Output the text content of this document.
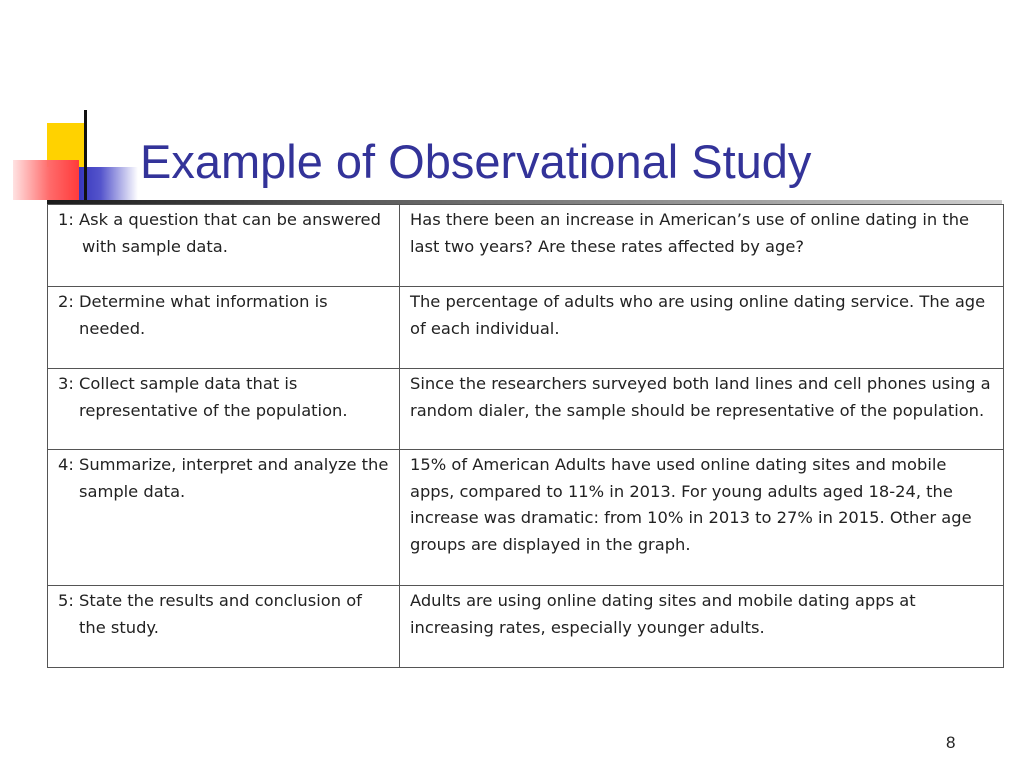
Example of Observational Study
1: Ask a question that can be answered with sample data.	Has there been an increase in American’s use of online dating in the last two years? Are these rates affected by age?

2: Determine what information is needed.	The percentage of adults who are using online dating service. The age of each individual.

3: Collect sample data that is representative of the population.	Since the researchers surveyed both land lines and cell phones using a random dialer, the sample should be representative of the population.

4: Summarize, interpret and analyze the sample data.	15% of American Adults have used online dating sites and mobile apps, compared to 11% in 2013. For young adults aged 18-24, the increase was dramatic: from 10% in 2013 to 27% in 2015. Other age groups are displayed in the graph.

5: State the results and conclusion of the study.	Adults are using online dating sites and mobile dating apps at increasing rates, especially younger adults.
8
